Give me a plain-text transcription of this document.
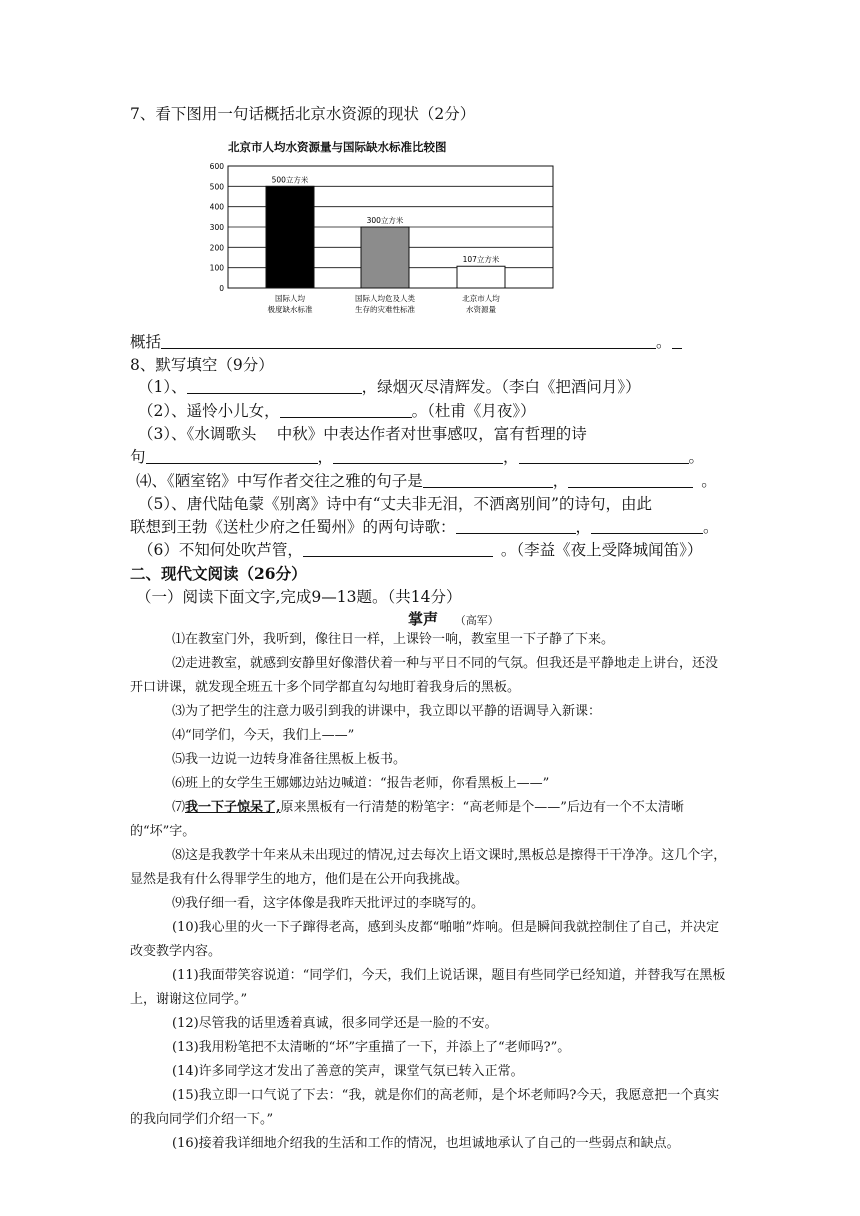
7、看下图用一句话概括北京水资源的现状（2分）
北京市人均水资源量与国际缺水标准比较图
0
100
200
300
400
500
600
500立方米
国际人均
极度缺水标准
300立方米
国际人均危及人类
生存的灾难性标准
107立方米
北京市人均
水资源量
概括	。
8、默写填空（9分）
（1）、	，绿烟灭尽清辉发。（李白《把酒问月》）
（2）、遥怜小儿女，	。（杜甫《月夜》）
（3）、《水调歌头　 中秋》中表达作者对世事感叹，富有哲理的诗
句	，	，	。
⑷、《陋室铭》中写作者交往之雅的句子是	，	。
（5）、唐代陆龟蒙《别离》诗中有“丈夫非无泪，不洒离别间”的诗句，由此
联想到王勃《送杜少府之任蜀州》的两句诗歌：	，	。
（6）不知何处吹芦管，	。（李益《夜上受降城闻笛》）
二、现代文阅读（26分）
（一）阅读下面文字,完成9—13题。（共14分）
掌声 （高军）

⑴在教室门外，我听到，像往日一样，上课铃一响，教室里一下子静了下来。

⑵走进教室，就感到安静里好像潜伏着一种与平日不同的气氛。但我还是平静地走上讲台，还没开口讲课，就发现全班五十多个同学都直勾勾地盯着我身后的黑板。

⑶为了把学生的注意力吸引到我的讲课中，我立即以平静的语调导入新课：

⑷“同学们，今天，我们上——”

⑸我一边说一边转身准备往黑板上板书。

⑹班上的女学生王娜娜边站边喊道：“报告老师，你看黑板上——”

⑺我一下子惊呆了,原来黑板有一行清楚的粉笔字：“高老师是个——”后边有一个不太清晰的“坏”字。

⑻这是我教学十年来从未出现过的情况,过去每次上语文课时,黑板总是擦得干干净净。这几个字，显然是我有什么得罪学生的地方，他们是在公开向我挑战。

⑼我仔细一看，这字体像是我昨天批评过的李晓写的。

(10)我心里的火一下子蹿得老高，感到头皮都“啪啪”炸响。但是瞬间我就控制住了自己，并决定改变教学内容。

(11)我面带笑容说道：“同学们，今天，我们上说话课，题目有些同学已经知道，并替我写在黑板上，谢谢这位同学。”

(12)尽管我的话里透着真诚，很多同学还是一脸的不安。

(13)我用粉笔把不太清晰的“坏”字重描了一下，并添上了“老师吗?”。

(14)许多同学这才发出了善意的笑声，课堂气氛已转入正常。

(15)我立即一口气说了下去：“我，就是你们的高老师，是个坏老师吗?今天，我愿意把一个真实的我向同学们介绍一下。”

(16)接着我详细地介绍我的生活和工作的情况，也坦诚地承认了自己的一些弱点和缺点。
